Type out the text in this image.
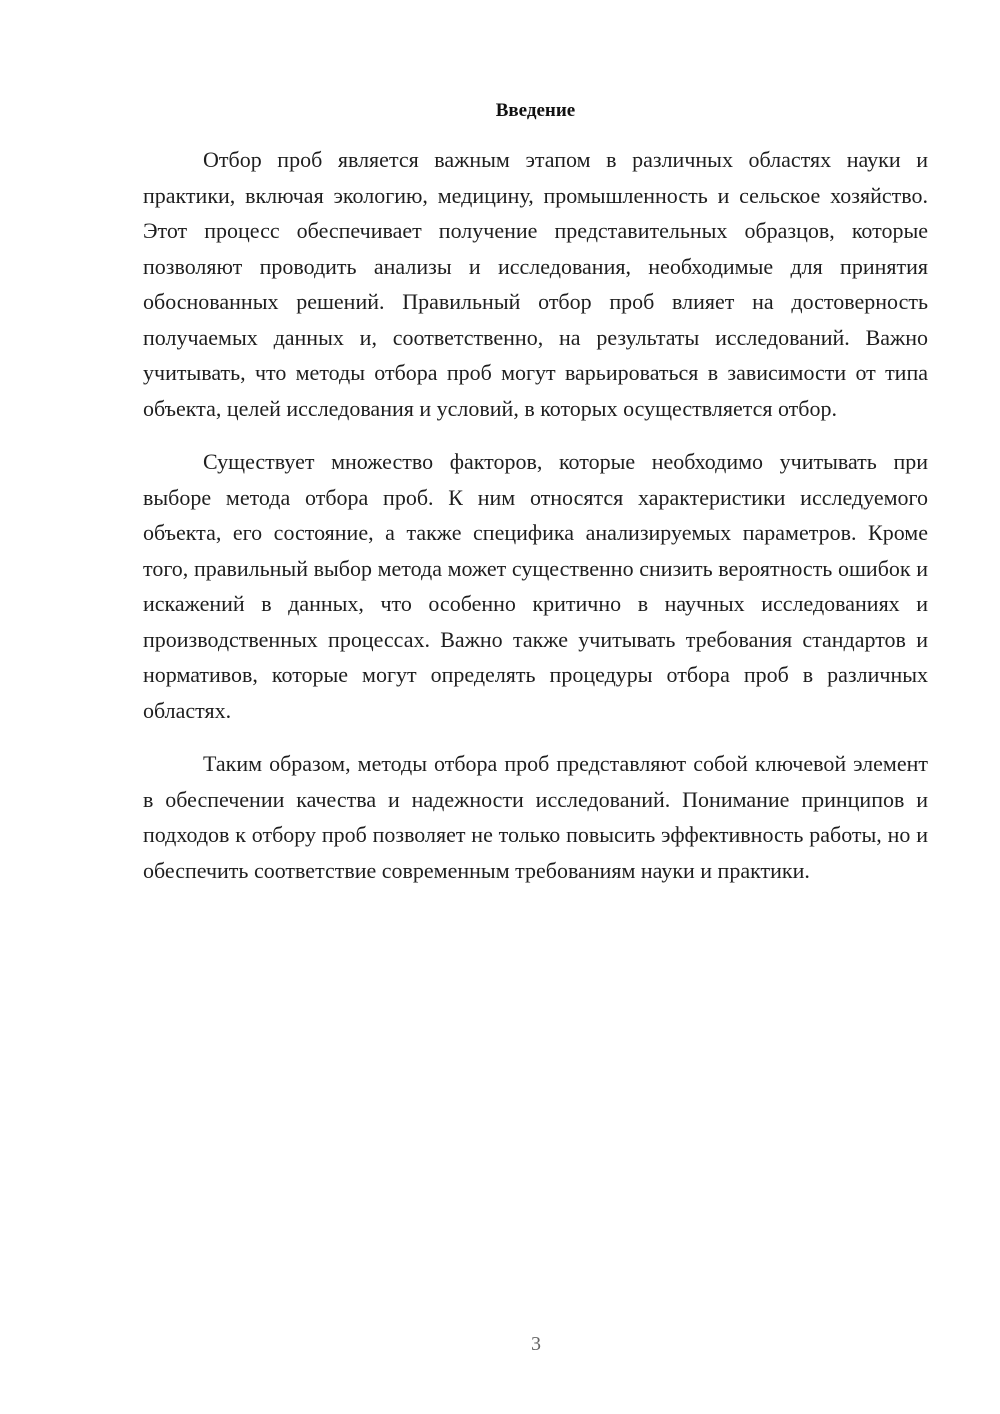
Введение

Отбор проб является важным этапом в различных областях науки и практики, включая экологию, медицину, промышленность и сельское хозяйство. Этот процесс обеспечивает получение представительных образцов, которые позволяют проводить анализы и исследования, необходимые для принятия обоснованных решений. Правильный отбор проб влияет на достоверность получаемых данных и, соответственно, на результаты исследований. Важно учитывать, что методы отбора проб могут варьироваться в зависимости от типа объекта, целей исследования и условий, в которых осуществляется отбор.

Существует множество факторов, которые необходимо учитывать при выборе метода отбора проб. К ним относятся характеристики исследуемого объекта, его состояние, а также специфика анализируемых параметров. Кроме того, правильный выбор метода может существенно снизить вероятность ошибок и искажений в данных, что особенно критично в научных исследованиях и производственных процессах. Важно также учитывать требования стандартов и нормативов, которые могут определять процедуры отбора проб в различных областях.

Таким образом, методы отбора проб представляют собой ключевой элемент в обеспечении качества и надежности исследований. Понимание принципов и подходов к отбору проб позволяет не только повысить эффективность работы, но и обеспечить соответствие современным требованиям науки и практики.

3
